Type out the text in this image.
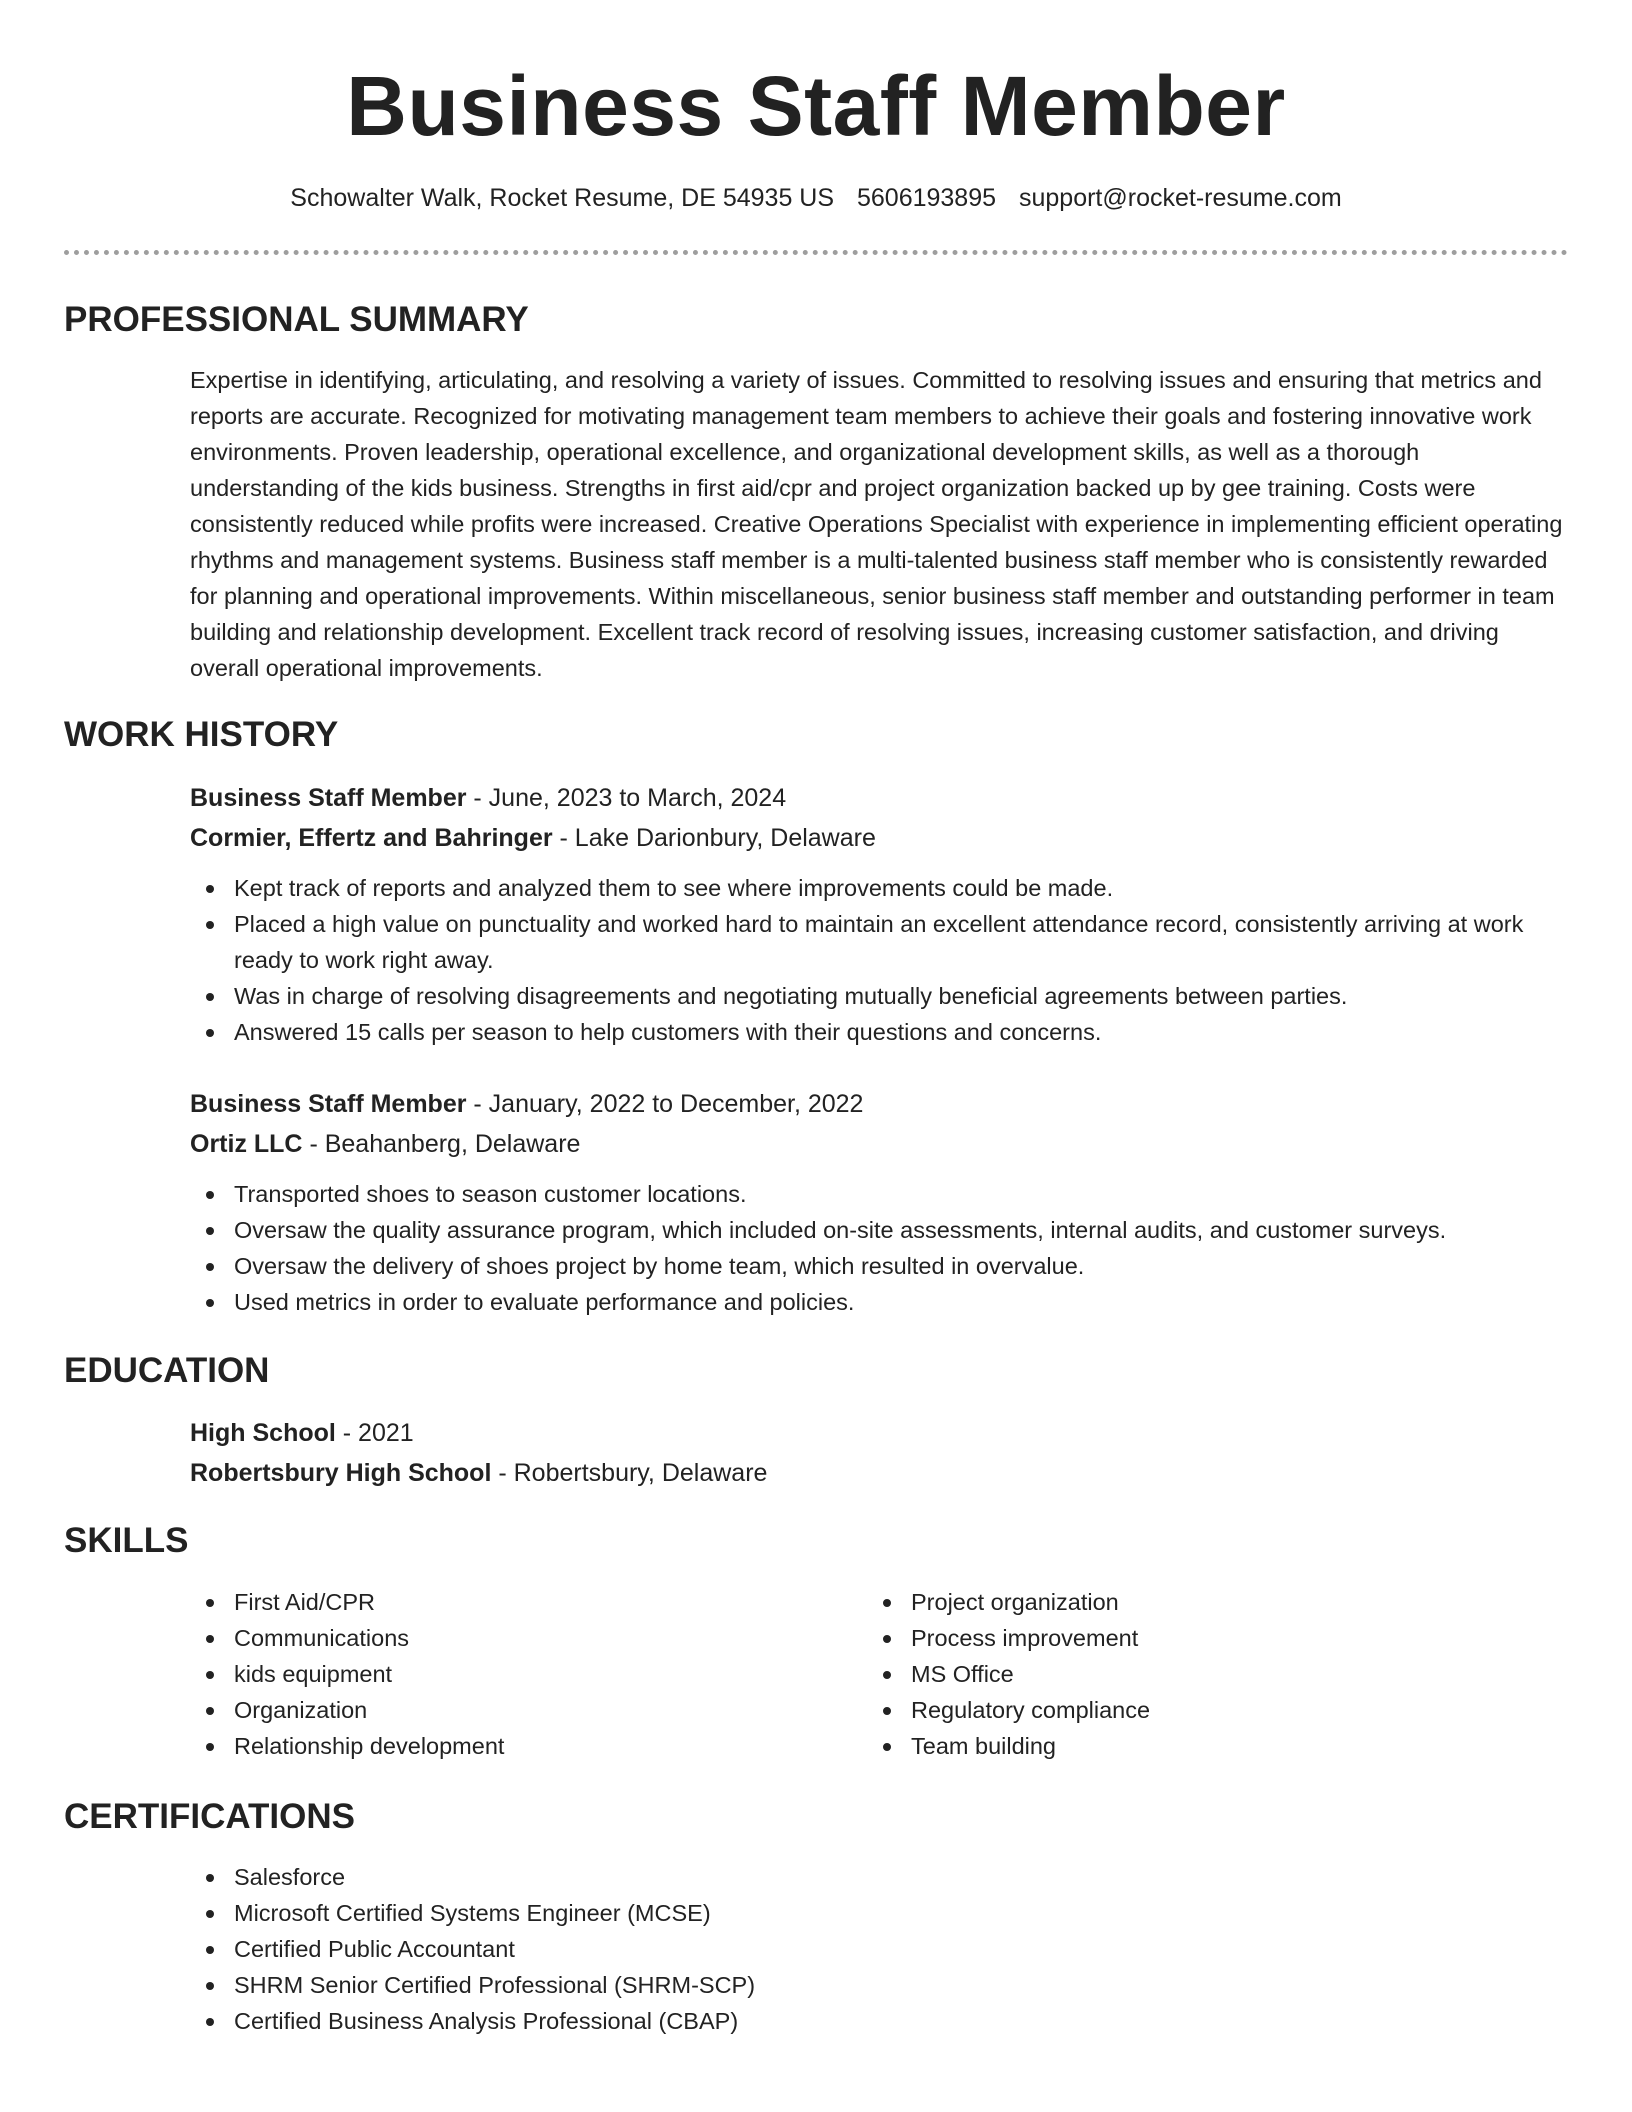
Business Staff Member
Schowalter Walk, Rocket Resume, DE 54935 US 5606193895 support@rocket-resume.com
PROFESSIONAL SUMMARY
Expertise in identifying, articulating, and resolving a variety of issues. Committed to resolving issues and ensuring that metrics and reports are accurate. Recognized for motivating management team members to achieve their goals and fostering innovative work environments. Proven leadership, operational excellence, and organizational development skills, as well as a thorough understanding of the kids business. Strengths in first aid/cpr and project organization backed up by gee training. Costs were consistently reduced while profits were increased. Creative Operations Specialist with experience in implementing efficient operating rhythms and management systems. Business staff member is a multi-talented business staff member who is consistently rewarded for planning and operational improvements. Within miscellaneous, senior business staff member and outstanding performer in team building and relationship development. Excellent track record of resolving issues, increasing customer satisfaction, and driving overall operational improvements.
WORK HISTORY
Business Staff Member - June, 2023 to March, 2024
Cormier, Effertz and Bahringer - Lake Darionbury, Delaware
Kept track of reports and analyzed them to see where improvements could be made.
Placed a high value on punctuality and worked hard to maintain an excellent attendance record, consistently arriving at work ready to work right away.
Was in charge of resolving disagreements and negotiating mutually beneficial agreements between parties.
Answered 15 calls per season to help customers with their questions and concerns.
Business Staff Member - January, 2022 to December, 2022
Ortiz LLC - Beahanberg, Delaware
Transported shoes to season customer locations.
Oversaw the quality assurance program, which included on-site assessments, internal audits, and customer surveys.
Oversaw the delivery of shoes project by home team, which resulted in overvalue.
Used metrics in order to evaluate performance and policies.
EDUCATION
High School - 2021
Robertsbury High School - Robertsbury, Delaware
SKILLS
First Aid/CPR
Communications
kids equipment
Organization
Relationship development
Project organization
Process improvement
MS Office
Regulatory compliance
Team building
CERTIFICATIONS
Salesforce
Microsoft Certified Systems Engineer (MCSE)
Certified Public Accountant
SHRM Senior Certified Professional (SHRM-SCP)
Certified Business Analysis Professional (CBAP)
